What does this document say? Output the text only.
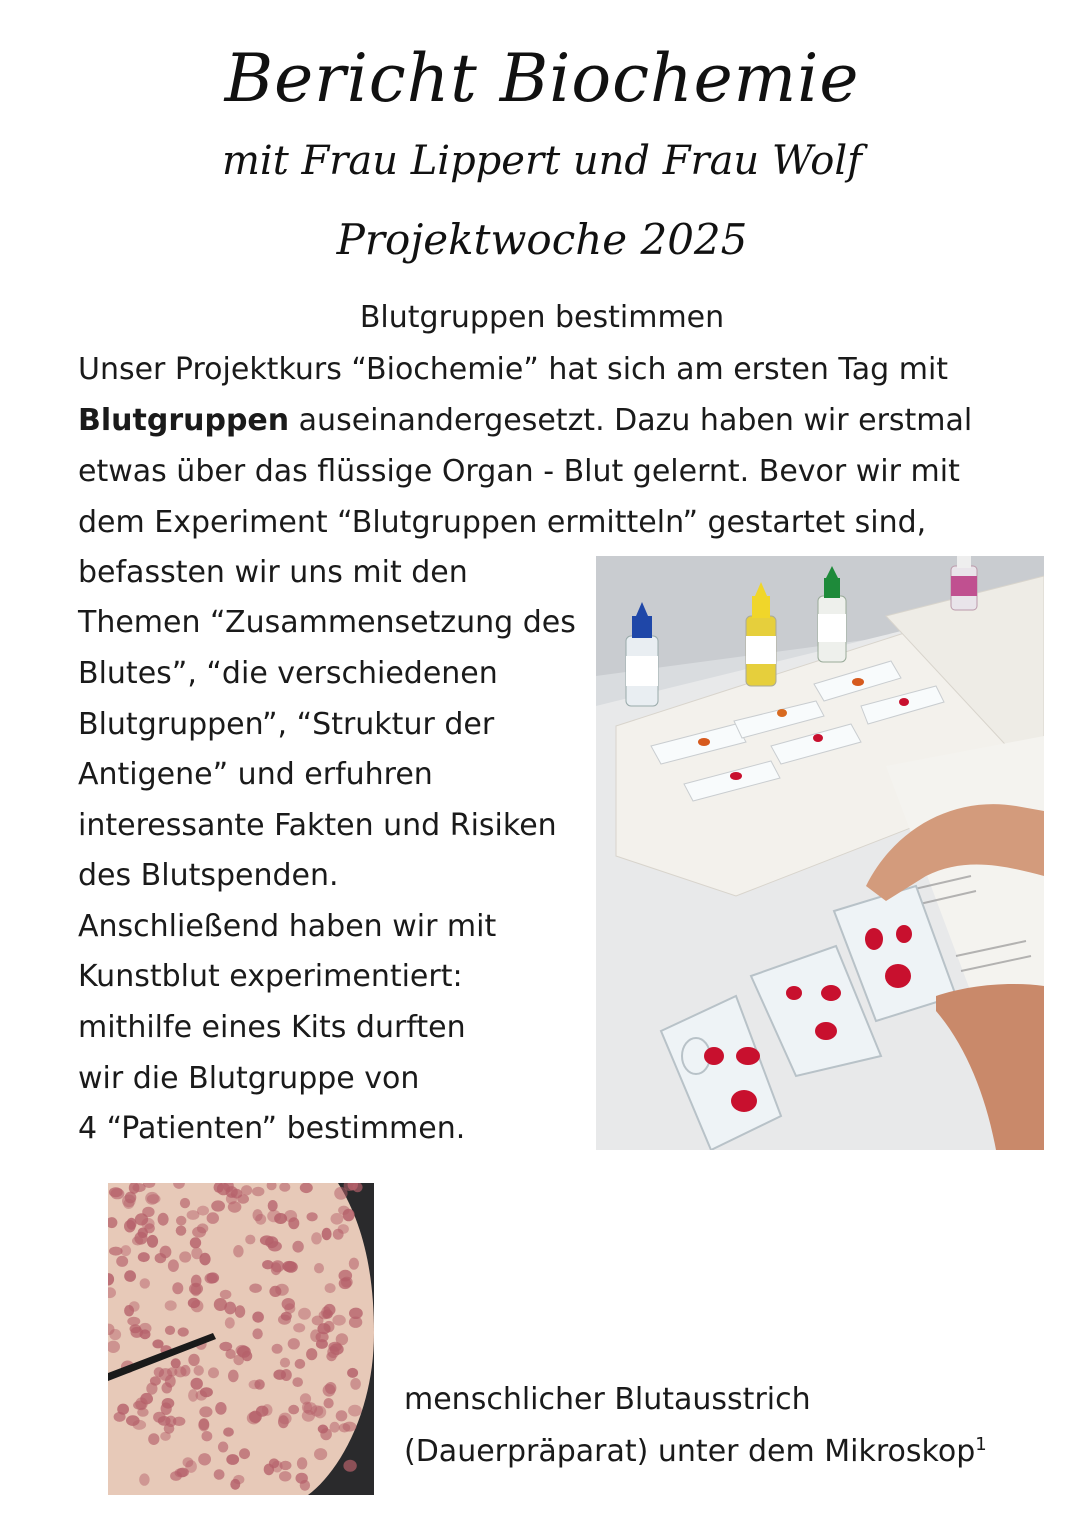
Bericht Biochemie
mit Frau Lippert und Frau Wolf
Projektwoche 2025
Blutgruppen bestimmen
Unser Projektkurs “Biochemie” hat sich am ersten Tag mit
Blutgruppen auseinandergesetzt. Dazu haben wir erstmal
etwas über das flüssige Organ - Blut gelernt. Bevor wir mit
dem Experiment “Blutgruppen ermitteln” gestartet sind,
befassten wir uns mit den
Themen “Zusammensetzung des
Blutes”, “die verschiedenen
Blutgruppen”, “Struktur der
Antigene” und erfuhren
interessante Fakten und Risiken
des Blutspenden.
Anschließend haben wir mit
Kunstblut experimentiert:
mithilfe eines Kits durften
wir die Blutgruppe von
4 “Patienten” bestimmen.
menschlicher Blutausstrich
(Dauerpräparat) unter dem Mikroskop$^1$
